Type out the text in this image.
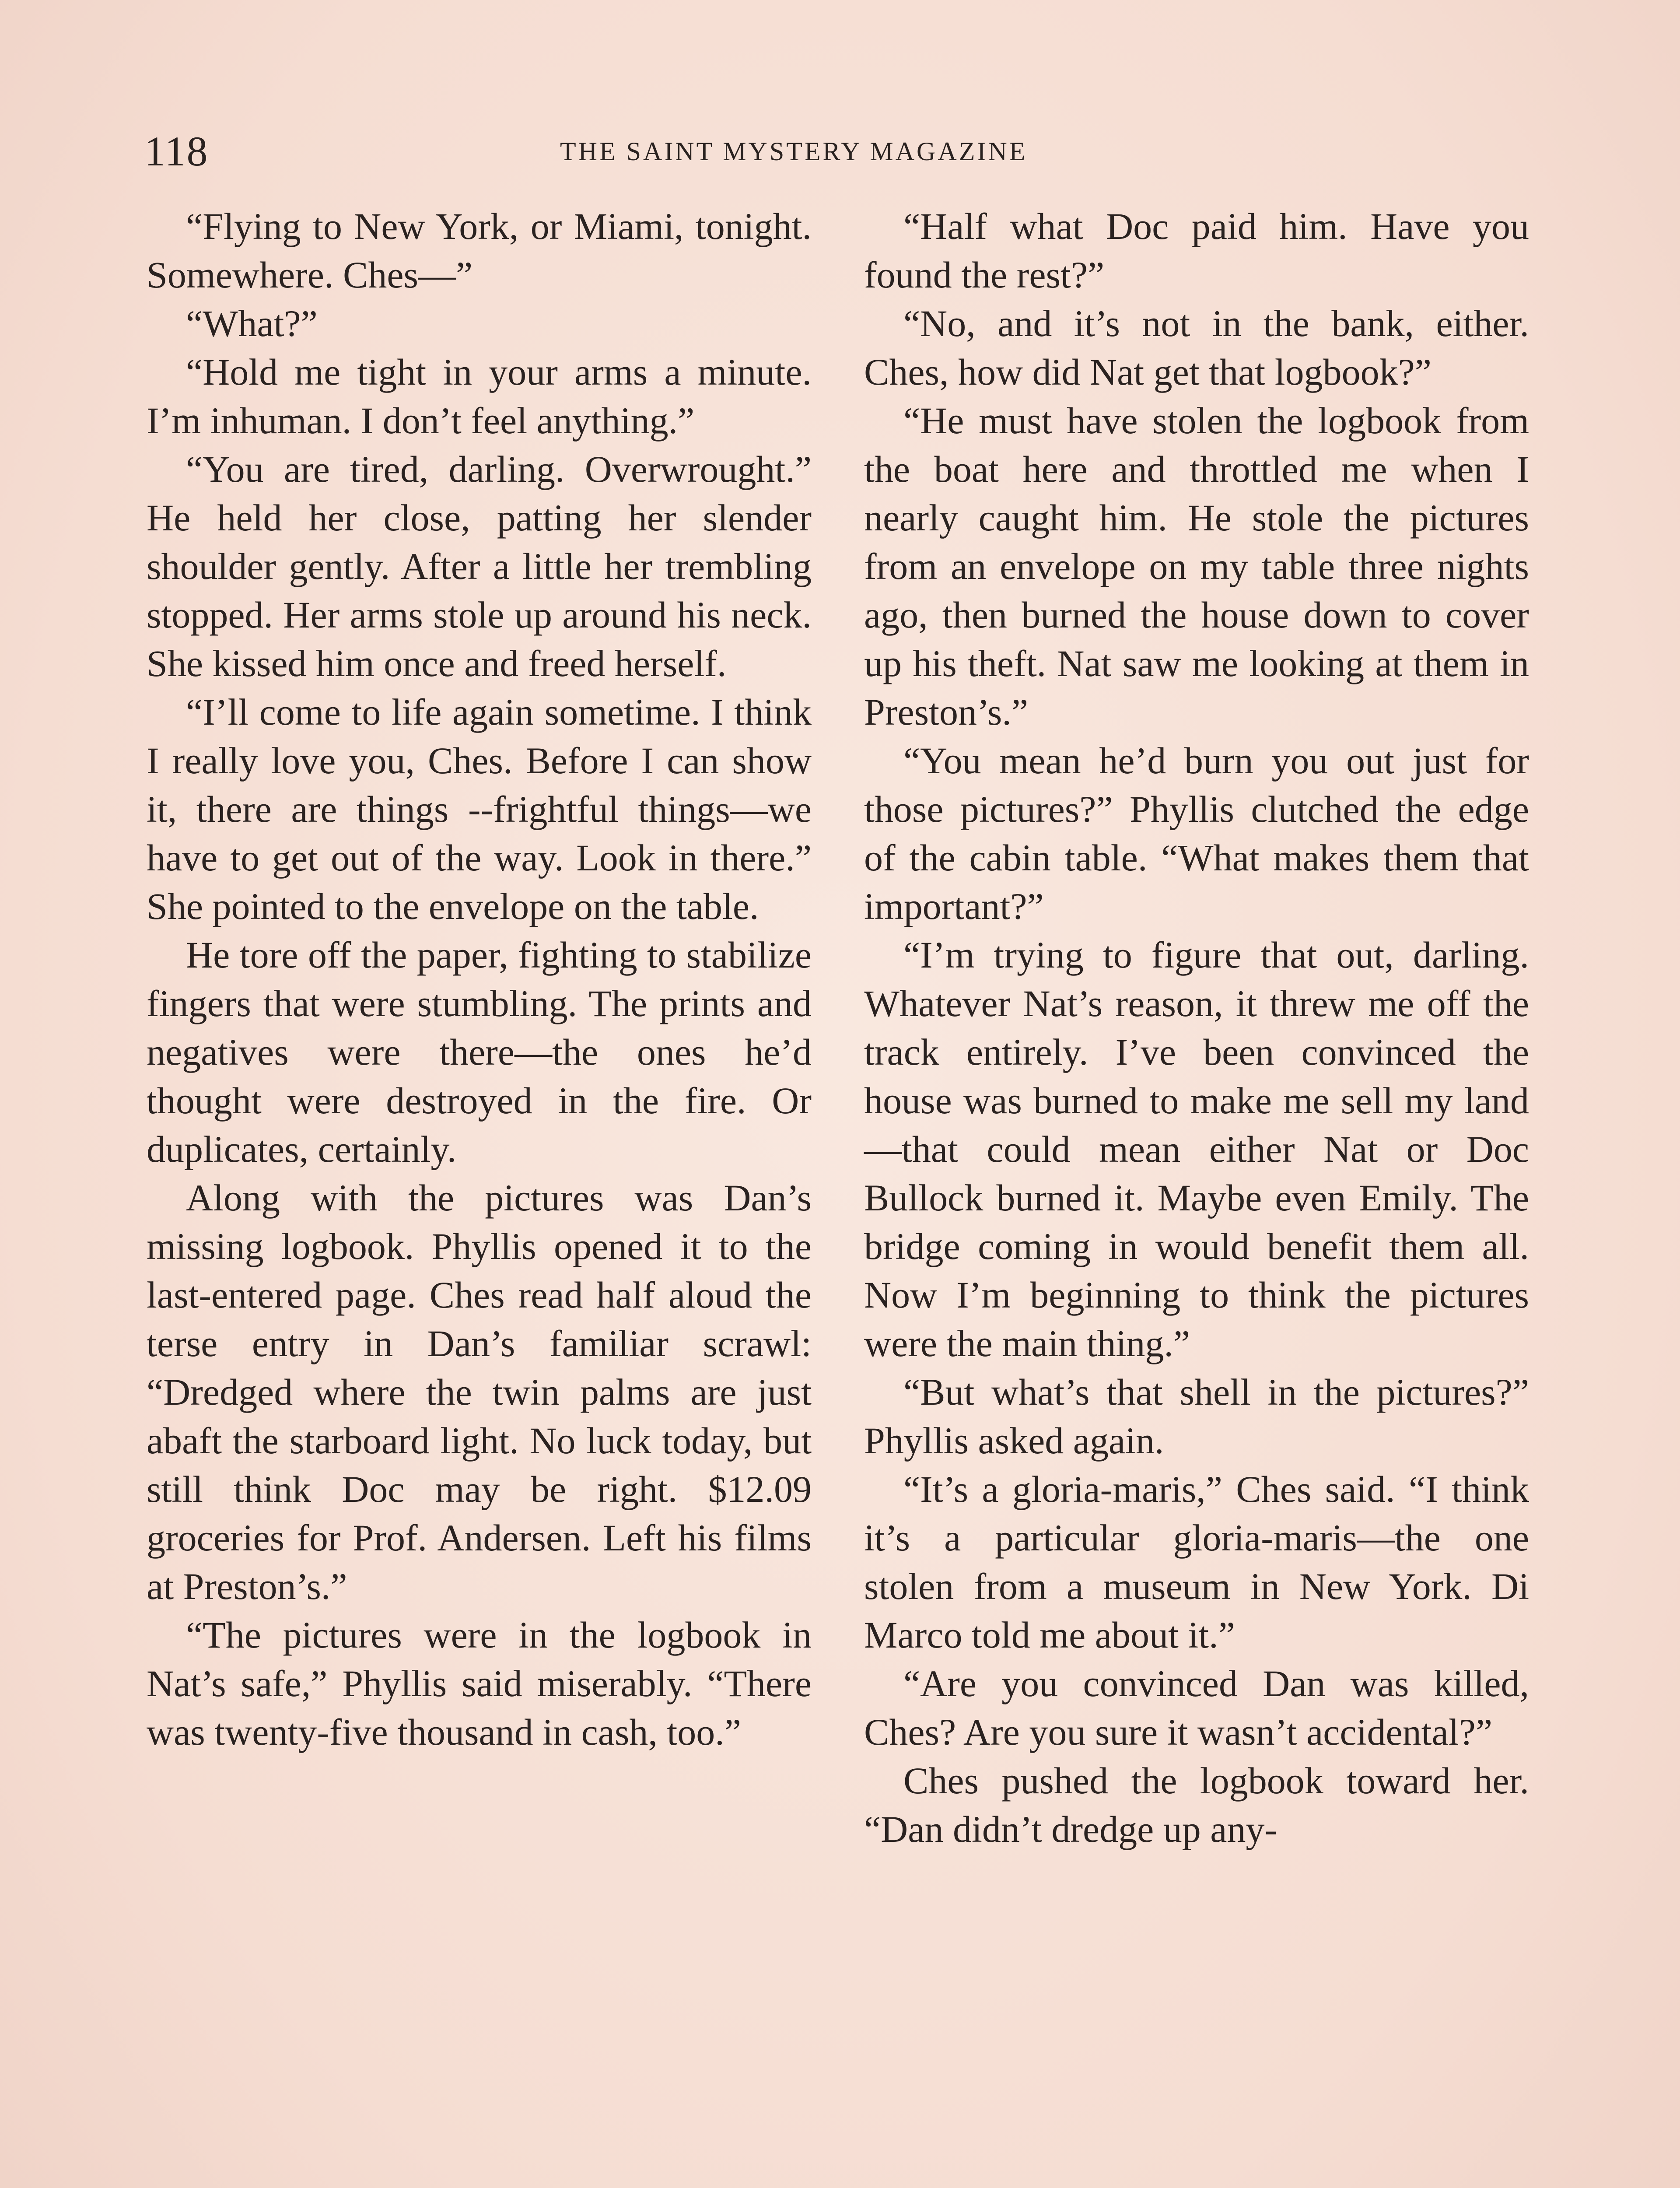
118	THE SAINT MYSTERY MAGAZINE

“Flying to New York, or Miami, tonight. Somewhere. Ches—”

“What?”

“Hold me tight in your arms a minute. I’m inhuman. I don’t feel anything.”

“You are tired, darling. Overwrought.” He held her close, patting her slender shoulder gently. After a little her trembling stopped. Her arms stole up around his neck. She kissed him once and freed herself.

“I’ll come to life again sometime. I think I really love you, Ches. Before I can show it, there are things --frightful things—we have to get out of the way. Look in there.” She pointed to the envelope on the table.

He tore off the paper, fighting to stabilize fingers that were stumbling. The prints and negatives were there—the ones he’d thought were destroyed in the fire. Or duplicates, certainly.

Along with the pictures was Dan’s missing logbook. Phyllis opened it to the last-entered page. Ches read half aloud the terse entry in Dan’s familiar scrawl: “Dredged where the twin palms are just abaft the starboard light. No luck today, but still think Doc may be right. $12.09 groceries for Prof. Andersen. Left his films at Preston’s.”

“The pictures were in the logbook in Nat’s safe,” Phyllis said miserably. “There was twenty-five thousand in cash, too.”

“Half what Doc paid him. Have you found the rest?”

“No, and it’s not in the bank, either. Ches, how did Nat get that logbook?”

“He must have stolen the logbook from the boat here and throttled me when I nearly caught him. He stole the pictures from an envelope on my table three nights ago, then burned the house down to cover up his theft. Nat saw me looking at them in Preston’s.”

“You mean he’d burn you out just for those pictures?” Phyllis clutched the edge of the cabin table. “What makes them that important?”

“I’m trying to figure that out, darling. Whatever Nat’s reason, it threw me off the track entirely. I’ve been convinced the house was burned to make me sell my land—that could mean either Nat or Doc Bullock burned it. Maybe even Emily. The bridge coming in would benefit them all. Now I’m beginning to think the pictures were the main thing.”

“But what’s that shell in the pictures?” Phyllis asked again.

“It’s a gloria-maris,” Ches said. “I think it’s a particular gloria-maris—the one stolen from a museum in New York. Di Marco told me about it.”

“Are you convinced Dan was killed, Ches? Are you sure it wasn’t accidental?”

Ches pushed the logbook toward her. “Dan didn’t dredge up any-
